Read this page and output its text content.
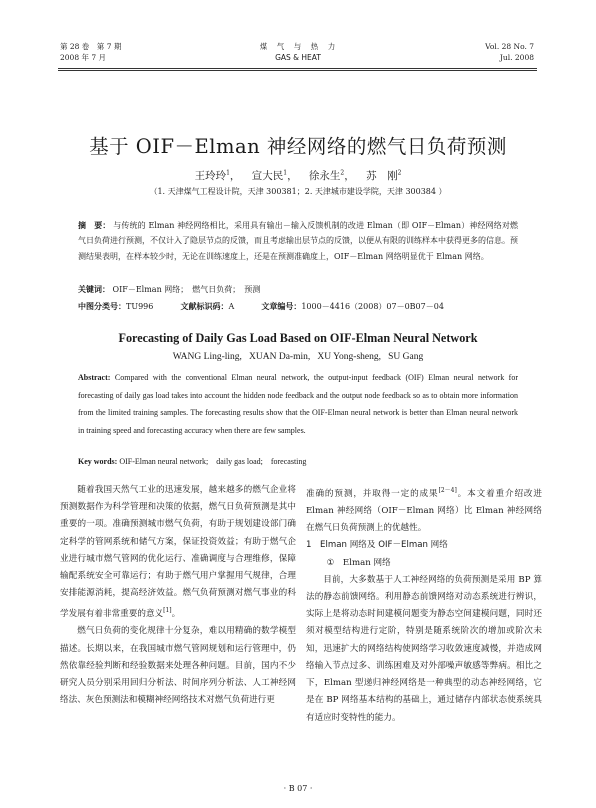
第 28 卷　第 7 期
2008 年 7 月
煤　气　与　热　力
GAS & HEAT
Vol. 28 No. 7
Jul. 2008
基于 OIF－Elman 神经网络的燃气日负荷预测
王玲玲$^1$， 宣大民$^1$， 徐永生$^2$， 苏　刚$^2$
（1. 天津煤气工程设计院，天津 300381；2. 天津城市建设学院，天津 300384 ）
摘　要： 与传统的 Elman 神经网络相比，采用具有输出－输入反馈机制的改进 Elman（即 OIF－Elman）神经网络对燃气日负荷进行预测，不仅计入了隐层节点的反馈，而且考虑输出层节点的反馈，以便从有限的训练样本中获得更多的信息。预测结果表明，在样本较少时，无论在训练速度上，还是在预测准确度上，OIF－Elman 网络明显优于 Elman 网络。
关键词： OIF－Elman 网络；　燃气日负荷；　预测
中图分类号：TU996	文献标识码：A	文章编号：1000－4416（2008）07－0B07－04
Forecasting of Daily Gas Load Based on OIF-Elman Neural Network
WANG Ling-ling,   XUAN Da-min,   XU Yong-sheng,   SU Gang
Abstract: Compared with the conventional Elman neural network, the output-input feedback (OIF) Elman neural network for forecasting of daily gas load takes into account the hidden node feedback and the output node feedback so as to obtain more information from the limited training samples. The forecasting results show that the OIF-Elman neural network is better than Elman neural network in training speed and forecasting accuracy when there are few samples.
Key words: OIF-Elman neural network;　daily gas load;　forecasting

随着我国天然气工业的迅速发展，越来越多的燃气企业将预测数据作为科学管理和决策的依据，燃气日负荷预测是其中重要的一项。准确预测城市燃气负荷，有助于规划建设部门确定科学的管网系统和储气方案，保证投资效益；有助于燃气企业进行城市燃气管网的优化运行、准确调度与合理维修，保障输配系统安全可靠运行；有助于燃气用户掌握用气规律，合理安排能源消耗，提高经济效益。燃气负荷预测对燃气事业的科学发展有着非常重要的意义[1]。

燃气日负荷的变化规律十分复杂，难以用精确的数学模型描述。长期以来，在我国城市燃气管网规划和运行管理中，仍然依靠经验判断和经验数据来处理各种问题。目前，国内不少研究人员分别采用回归分析法、时间序列分析法、人工神经网络法、灰色预测法和模糊神经网络技术对燃气负荷进行更

准确的预测，并取得一定的成果[2－4]。本文着重介绍改进 Elman 神经网络（OIF－Elman 网络）比 Elman 神经网络在燃气日负荷预测上的优越性。

1　Elman 网络及 OIF－Elman 网络
①　Elman 网络

目前，大多数基于人工神经网络的负荷预测是采用 BP 算法的静态前馈网络。利用静态前馈网络对动态系统进行辨识，实际上是将动态时间建模问题变为静态空间建模问题，同时还须对模型结构进行定阶，特别是随系统阶次的增加或阶次未知，迅速扩大的网络结构使网络学习收敛速度减慢，并造成网络输入节点过多、训练困难及对外部噪声敏感等弊病。相比之下，Elman 型递归神经网络是一种典型的动态神经网络，它是在 BP 网络基本结构的基础上，通过储存内部状态使系统具有适应时变特性的能力。

· B 07 ·
